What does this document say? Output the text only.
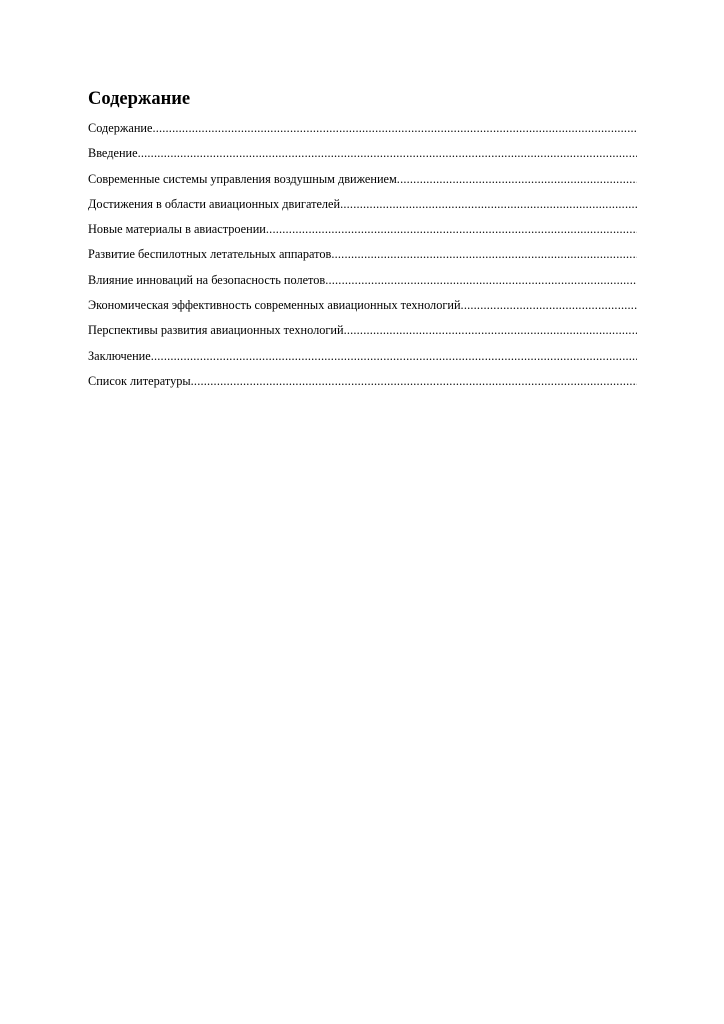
Содержание
Содержание
.....
Введение
.....
Современные системы управления воздушным движением
.....
Достижения в области авиационных двигателей
.....
Новые материалы в авиастроении
.....
Развитие беспилотных летательных аппаратов
.....
Влияние инноваций на безопасность полетов
.....
Экономическая эффективность современных авиационных технологий
.....
Перспективы развития авиационных технологий
.....
Заключение
.....
Список литературы
.....
